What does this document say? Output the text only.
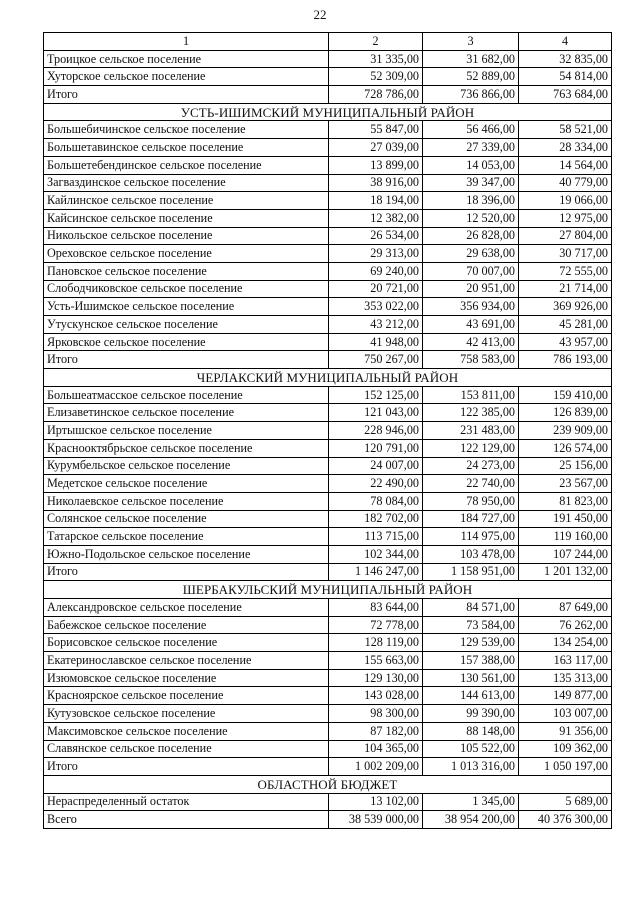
22
1	2	3	4
Троицкое сельское поселение	31 335,00	31 682,00	32 835,00
Хуторское сельское поселение	52 309,00	52 889,00	54 814,00
Итого	728 786,00	736 866,00	763 684,00
УСТЬ-ИШИМСКИЙ МУНИЦИПАЛЬНЫЙ РАЙОН			
Большебичинское сельское поселение	55 847,00	56 466,00	58 521,00
Большетавинское сельское поселение	27 039,00	27 339,00	28 334,00
Большетебендинское сельское поселение	13 899,00	14 053,00	14 564,00
Загваздинское сельское поселение	38 916,00	39 347,00	40 779,00
Кайлинское сельское поселение	18 194,00	18 396,00	19 066,00
Кайсинское сельское поселение	12 382,00	12 520,00	12 975,00
Никольское сельское поселение	26 534,00	26 828,00	27 804,00
Ореховское сельское поселение	29 313,00	29 638,00	30 717,00
Пановское сельское поселение	69 240,00	70 007,00	72 555,00
Слободчиковское сельское поселение	20 721,00	20 951,00	21 714,00
Усть-Ишимское сельское поселение	353 022,00	356 934,00	369 926,00
Утускунское сельское поселение	43 212,00	43 691,00	45 281,00
Ярковское сельское поселение	41 948,00	42 413,00	43 957,00
Итого	750 267,00	758 583,00	786 193,00
ЧЕРЛАКСКИЙ МУНИЦИПАЛЬНЫЙ РАЙОН			
Большеатмасское сельское поселение	152 125,00	153 811,00	159 410,00
Елизаветинское сельское поселение	121 043,00	122 385,00	126 839,00
Иртышское сельское поселение	228 946,00	231 483,00	239 909,00
Краснооктябрьское сельское поселение	120 791,00	122 129,00	126 574,00
Курумбельское сельское поселение	24 007,00	24 273,00	25 156,00
Медетское сельское поселение	22 490,00	22 740,00	23 567,00
Николаевское сельское поселение	78 084,00	78 950,00	81 823,00
Солянское сельское поселение	182 702,00	184 727,00	191 450,00
Татарское сельское поселение	113 715,00	114 975,00	119 160,00
Южно-Подольское сельское поселение	102 344,00	103 478,00	107 244,00
Итого	1 146 247,00	1 158 951,00	1 201 132,00
ШЕРБАКУЛЬСКИЙ МУНИЦИПАЛЬНЫЙ РАЙОН			
Александровское сельское поселение	83 644,00	84 571,00	87 649,00
Бабежское сельское поселение	72 778,00	73 584,00	76 262,00
Борисовское сельское поселение	128 119,00	129 539,00	134 254,00
Екатеринославское сельское поселение	155 663,00	157 388,00	163 117,00
Изюмовское сельское поселение	129 130,00	130 561,00	135 313,00
Красноярское сельское поселение	143 028,00	144 613,00	149 877,00
Кутузовское сельское поселение	98 300,00	99 390,00	103 007,00
Максимовское сельское поселение	87 182,00	88 148,00	91 356,00
Славянское сельское поселение	104 365,00	105 522,00	109 362,00
Итого	1 002 209,00	1 013 316,00	1 050 197,00
ОБЛАСТНОЙ БЮДЖЕТ			
Нераспределенный остаток	13 102,00	1 345,00	5 689,00
Всего	38 539 000,00	38 954 200,00	40 376 300,00
